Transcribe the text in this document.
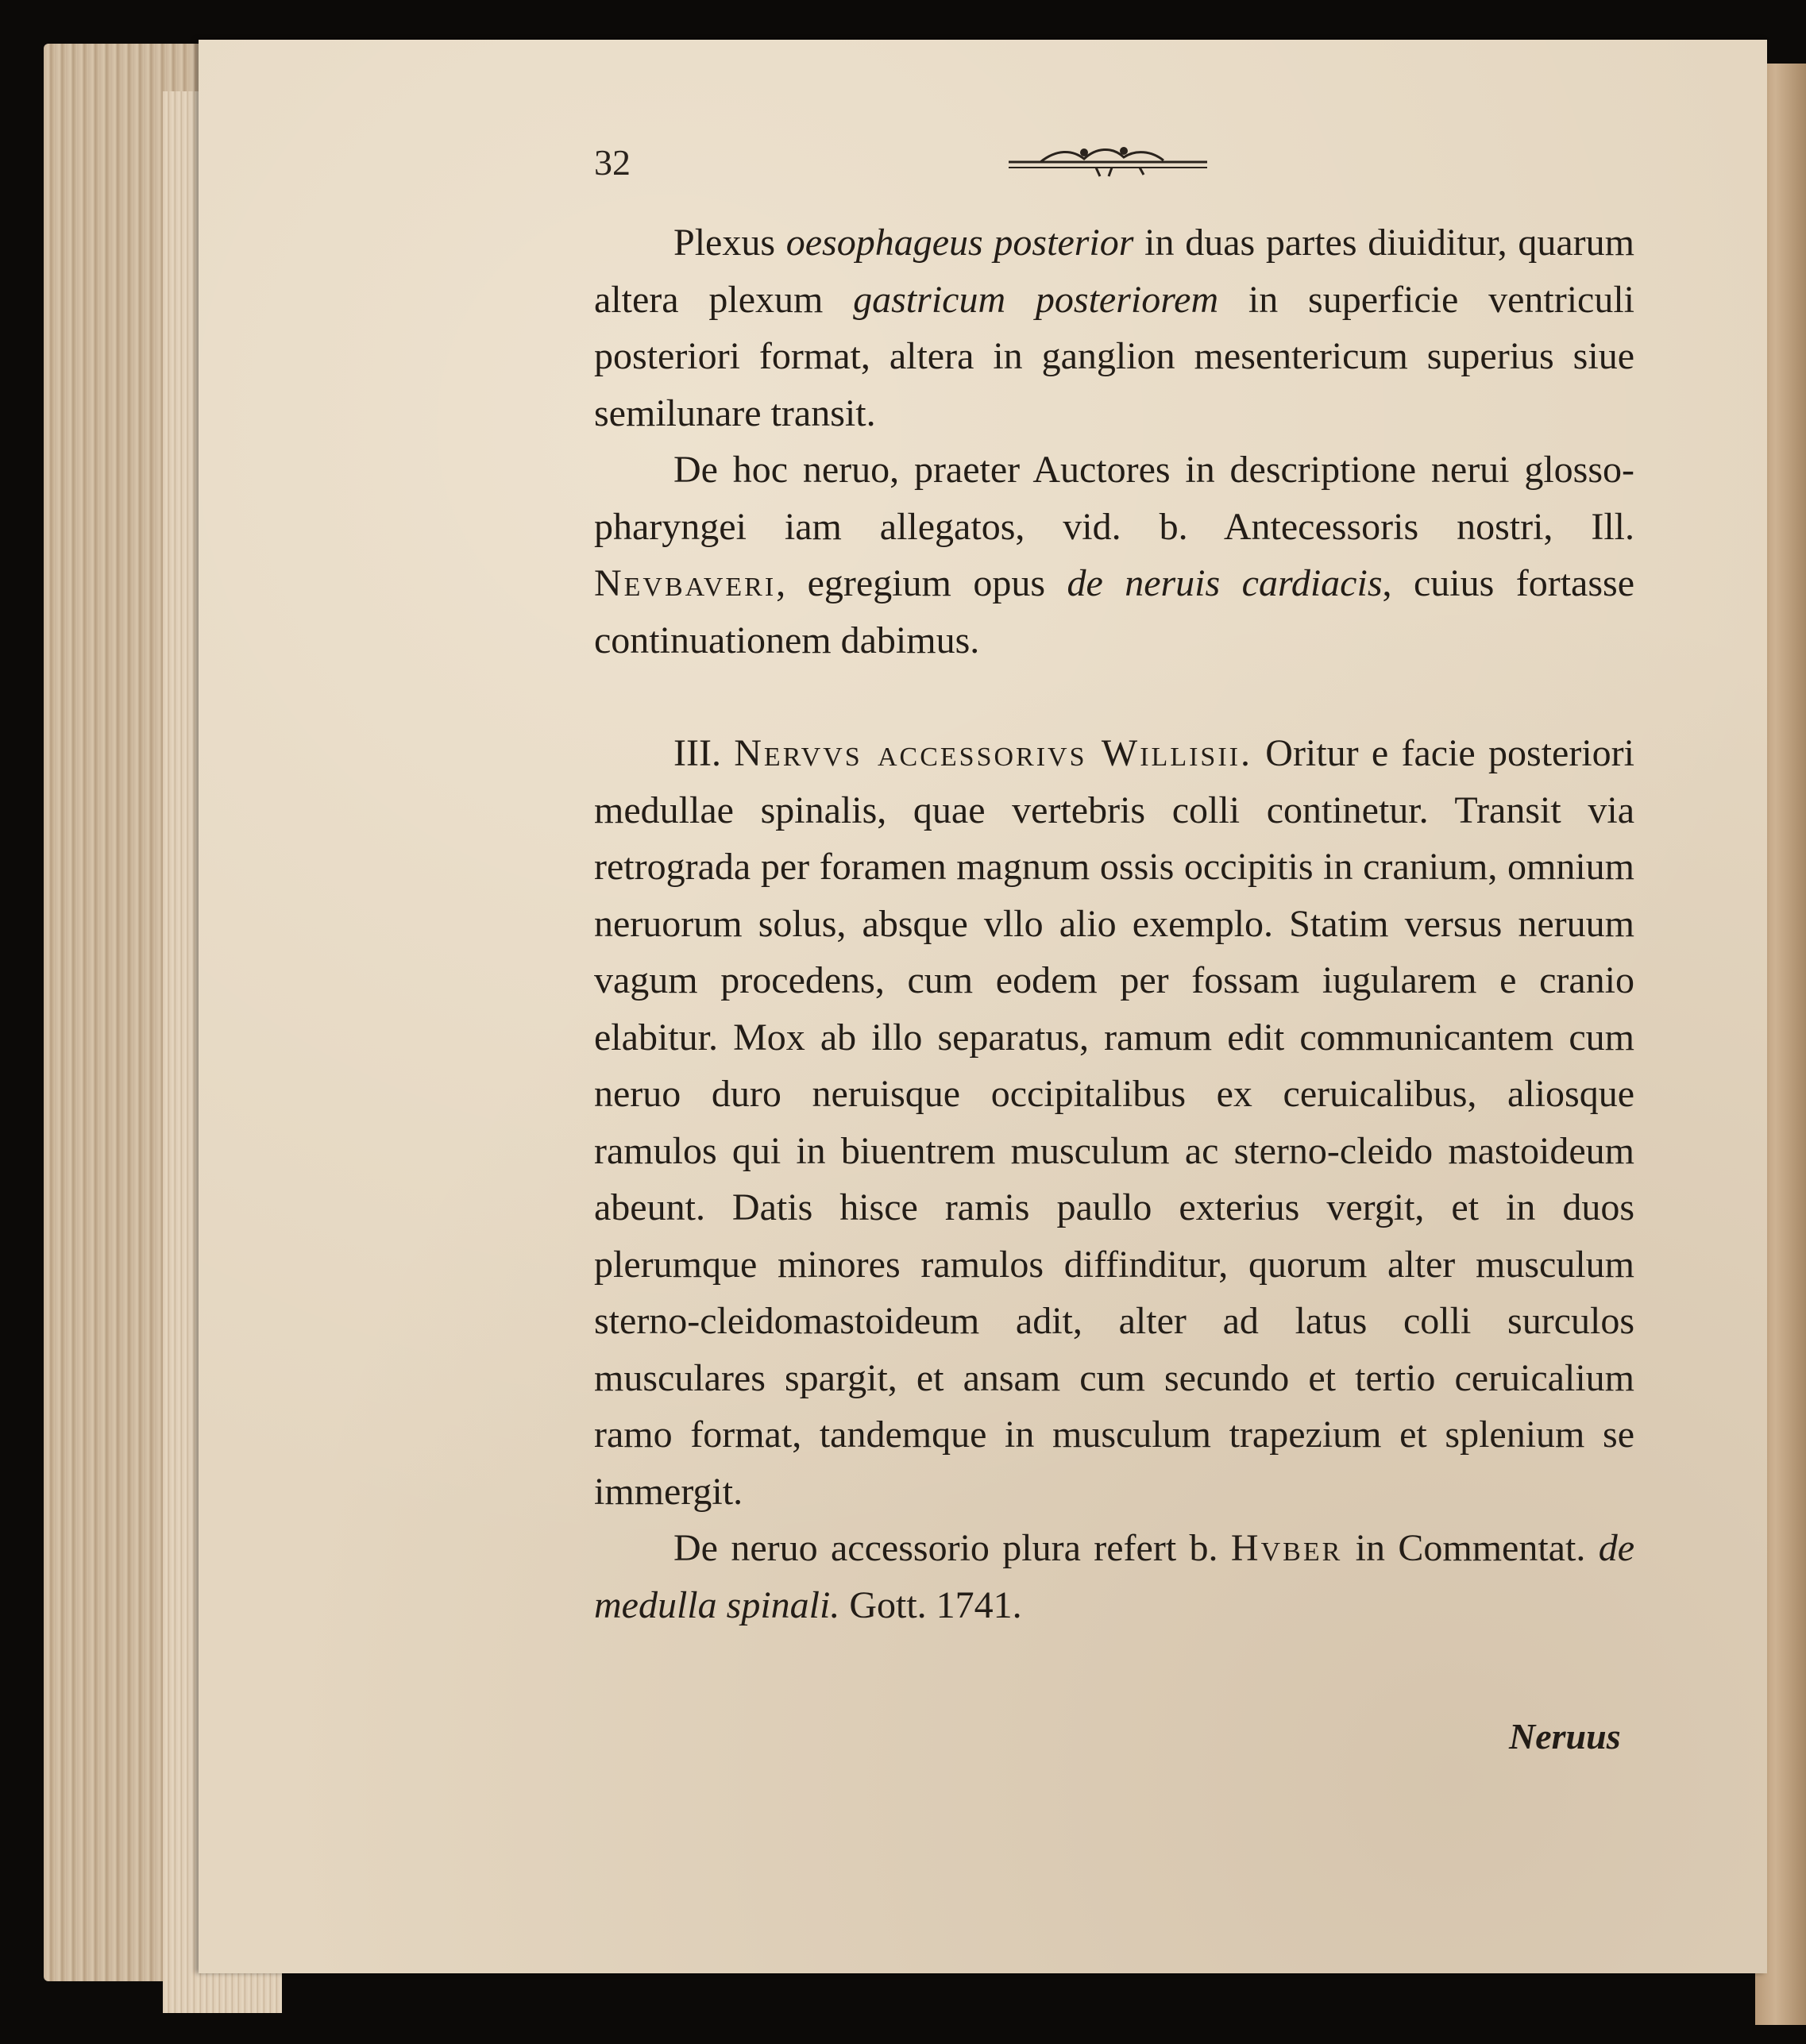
32

Plexus oesophageus posterior in duas partes diuiditur, quarum altera plexum gastricum posteriorem in superficie ventriculi posteriori format, altera in ganglion mesentericum superius siue semilunare transit.

De hoc neruo, praeter Auctores in descriptione nerui glosso-pharyngei iam allegatos, vid. b. Antecessoris nostri, Ill. Nevbaveri, egregium opus de neruis cardiacis, cuius fortasse continuationem dabimus.

III. Nervvs accessorivs Willisii. Oritur e facie posteriori medullae spinalis, quae vertebris colli continetur. Transit via retrograda per foramen magnum ossis occipitis in cranium, omnium neruorum solus, absque vllo alio exemplo. Statim versus neruum vagum procedens, cum eodem per fossam iugularem e cranio elabitur. Mox ab illo separatus, ramum edit communicantem cum neruo duro neruisque occipitalibus ex ceruicalibus, aliosque ramulos qui in biuentrem musculum ac sterno-cleido mastoideum abeunt. Datis hisce ramis paullo exterius vergit, et in duos plerumque minores ramulos diffinditur, quorum alter musculum sterno-cleidomastoideum adit, alter ad latus colli surculos musculares spargit, et ansam cum secundo et tertio ceruicalium ramo format, tandemque in musculum trapezium et splenium se immergit.

De neruo accessorio plura refert b. Hvber in Commentat. de medulla spinali. Gott. 1741.

Neruus
